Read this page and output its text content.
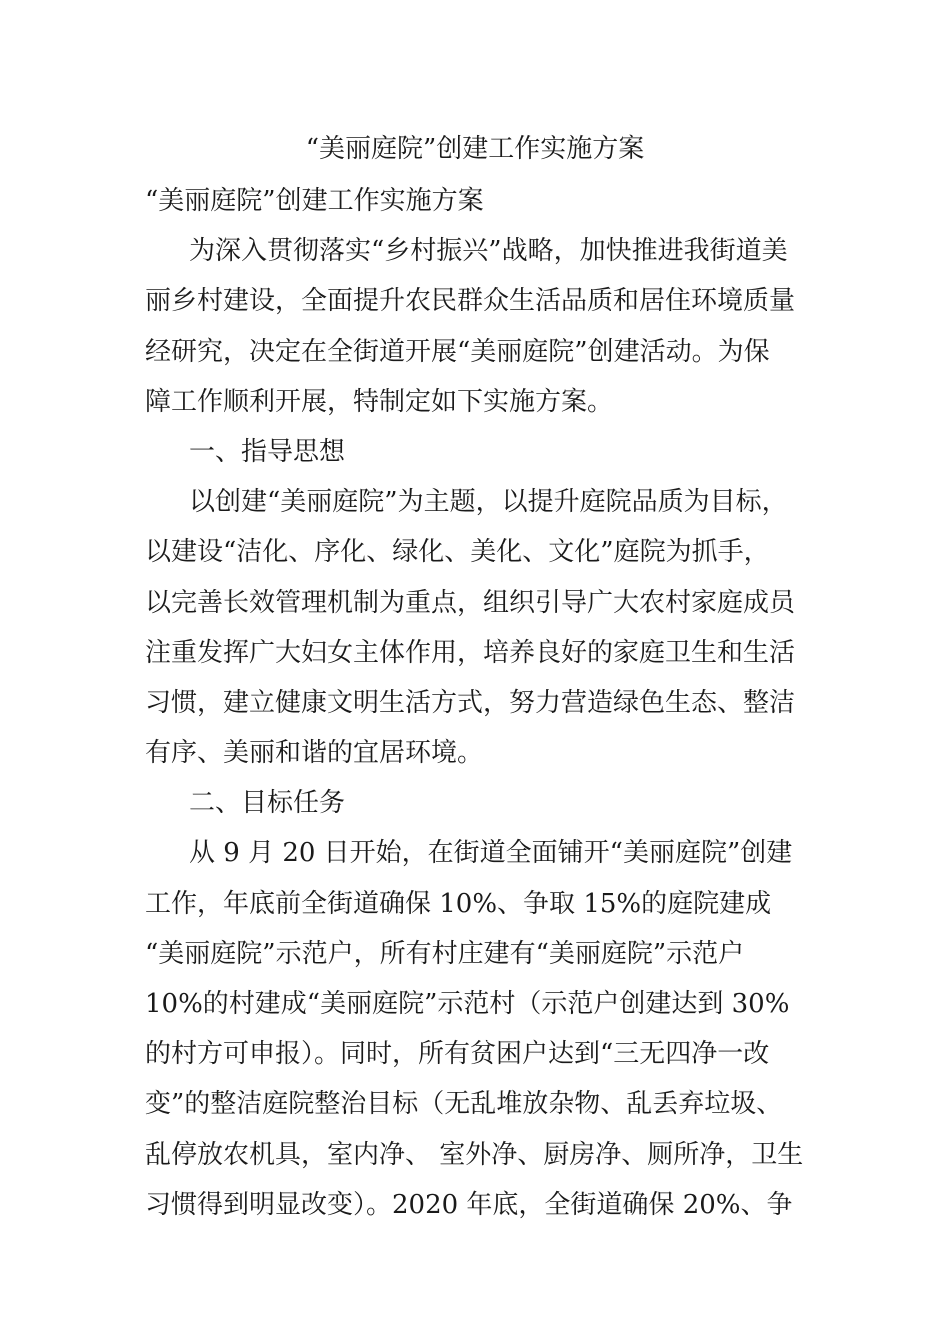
“美丽庭院”创建工作实施方案
“美丽庭院”创建工作实施方案
为深入贯彻落实“乡村振兴”战略，加快推进我街道美
丽乡村建设，全面提升农民群众生活品质和居住环境质量
经研究，决定在全街道开展“美丽庭院”创建活动。为保
障工作顺利开展，特制定如下实施方案。
一、指导思想
以创建“美丽庭院”为主题，以提升庭院品质为目标，
以建设“洁化、序化、绿化、美化、文化”庭院为抓手，
以完善长效管理机制为重点，组织引导广大农村家庭成员
注重发挥广大妇女主体作用，培养良好的家庭卫生和生活
习惯，建立健康文明生活方式，努力营造绿色生态、整洁
有序、美丽和谐的宜居环境。
二、目标任务
从 9 月 20 日开始，在街道全面铺开“美丽庭院”创建
工作，年底前全街道确保 10%、争取 15%的庭院建成
“美丽庭院”示范户，所有村庄建有“美丽庭院”示范户
10%的村建成“美丽庭院”示范村（示范户创建达到 30%
的村方可申报）。同时，所有贫困户达到“三无四净一改
变”的整洁庭院整治目标（无乱堆放杂物、乱丢弃垃圾、
乱停放农机具，室内净、 室外净、厨房净、厕所净，卫生
习惯得到明显改变）。2020 年底，全街道确保 20%、争
